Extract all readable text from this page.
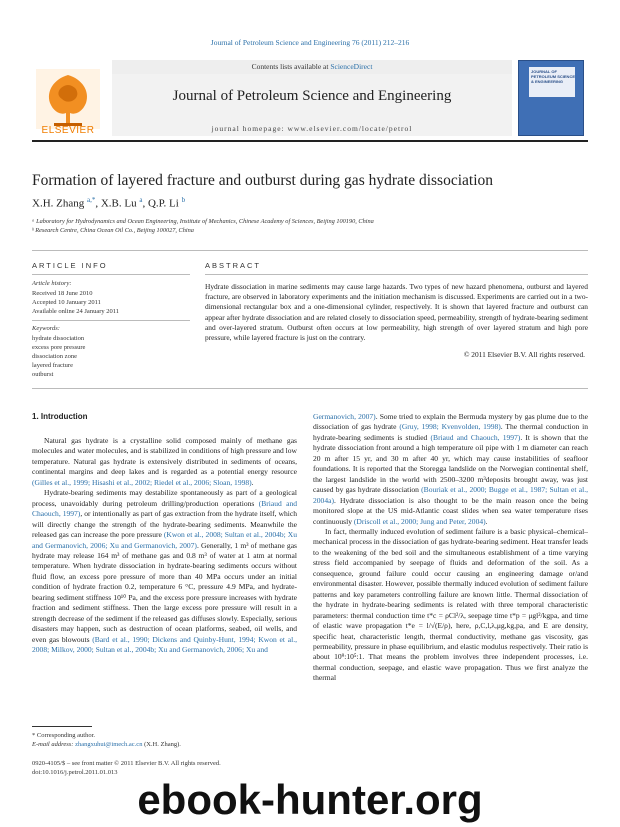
Journal of Petroleum Science and Engineering 76 (2011) 212–216
Contents lists available at ScienceDirect
ELSEVIER
Journal of Petroleum Science and Engineering
journal homepage: www.elsevier.com/locate/petrol
JOURNAL OF PETROLEUM SCIENCE & ENGINEERING
Formation of layered fracture and outburst during gas hydrate dissociation
X.H. Zhang $^{a,*}$, X.B. Lu $^a$, Q.P. Li $^b$
ᵃ Laboratory for Hydrodynamics and Ocean Engineering, Institute of Mechanics, Chinese Academy of Sciences, Beijing 100190, China
ᵇ Research Centre, China Ocean Oil Co., Beijing 100027, China
ARTICLE INFO
Article history:
Received 18 June 2010
Accepted 10 January 2011
Available online 24 January 2011
Keywords:
hydrate dissociation
excess pore pressure
dissociation zone
layered fracture
outburst
ABSTRACT
Hydrate dissociation in marine sediments may cause large hazards. Two types of new hazard phenomena, outburst and layered fracture, are observed in laboratory experiments and the initiation mechanism is discussed. Experiments are carried out in a two-dimensional rectangular box and a one-dimensional cylinder, respectively. It is shown that layered fracture and outburst can appear after hydrate dissociation and are related closely to dissociation speed, permeability, strength of hydrate-bearing sediment and over-layered stratum. Outburst often occurs at low permeability, high strength of over layered stratum and high pore pressure, while layered fracture is just on the contrary.
© 2011 Elsevier B.V. All rights reserved.
1. Introduction

Natural gas hydrate is a crystalline solid composed mainly of methane gas molecules and water molecules, and is stabilized in conditions of high pressure and low temperature. Natural gas hydrate is extensively distributed in sediments of oceans, continental margins and deep lakes and is regarded as a potential energy resource (Gilles et al., 1999; Hisashi et al., 2002; Riedel et al., 2006; Sloan, 1998).

Hydrate-bearing sediments may destabilize spontaneously as part of a geological process, unavoidably during petroleum drilling/production operations (Briaud and Chaouch, 1997), or intentionally as part of gas extraction from the hydrate itself, which will directly change the strength of the hydrate-bearing sediments. Meanwhile the released gas can increase the pore pressure (Kwon et al., 2008; Sultan et al., 2004b; Xu and Germanovich, 2006; Xu and Germanovich, 2007). Generally, 1 m³ of methane gas hydrate may release 164 m³ of methane gas and 0.8 m³ of water at 1 atm at normal temperature. When hydrate dissociation in hydrate-bearing sediments occurs without fluid flow, an excess pore pressure of more than 40 MPa occurs under an initial condition of hydrate fraction 0.2, temperature 6 °C, pressure 4.9 MPa, and hydrate-bearing sediment stiffness 10¹⁰ Pa, and the excess pore pressure increases with hydrate fraction and sediment stiffness. Then the large excess pore pressure will result in a strength decrease of the sediment if the released gas diffuses slowly. Especially, serious disasters may happen, such as destruction of ocean platforms, seabed, oil wells, and even gas blowouts (Bard et al., 1990; Dickens and Quinby-Hunt, 1994; Kwon et al., 2008; Milkov, 2000; Sultan et al., 2004b; Xu and Germanovich, 2006; Xu and

Germanovich, 2007). Some tried to explain the Bermuda mystery by gas plume due to the dissociation of gas hydrate (Gruy, 1998; Kvenvolden, 1998). The thermal conduction in hydrate-bearing sediments is studied (Briaud and Chaouch, 1997). It is shown that the hydrate dissociation front around a high temperature oil pipe with 1 m diameter can reach 20 m after 15 yr, and 30 m after 40 yr, which may cause instabilities of seafloor foundations. It is reported that the Storegga landslide on the Norwegian continental shelf, the largest landslide in the world with 2500–3200 m³deposits brought away, was just caused by gas hydrate dissociation (Bouriak et al., 2000; Bugge et al., 1987; Sultan et al., 2004a). Hydrate dissociation is also thought to be the main reason once the being monitored slope at the US mid-Atlantic coast slides when sea water temperature rises continuously (Driscoll et al., 2000; Jung and Peter, 2004).

In fact, thermally induced evolution of sediment failure is a basic physical–chemical–mechanical process in the dissociation of gas hydrate-bearing sediment. Heat transfer leads to the weakening of the bed soil and the simultaneous establishment of a time varying stress field accompanied by seepage of fluids and deformation of the soil. As a consequence, ground failure could occur causing an engineering damage or/and environmental disaster. However, possible thermally induced evolution of sediment failure patterns and key parameters controlling failure are known little. Thermal dissociation of the hydrate in hydrate-bearing sediments is related with three temporal characteristic parameters: thermal conduction time t*c = ρCl²/λ, seepage time t*p = μgl²/kgpa, and time of elastic wave propagation t*e = l/√(E/ρ), here, ρ,C,l,λ,μg,kg,pa, and E are density, specific heat, characteristic length, thermal conductivity, methane gas viscosity, gas permeability, pressure in phase equilibrium, and elastic modulus respectively. Their ratio is about 10⁹:10⁵:1. That means the problem involves three independent processes, i.e. thermal conduction, seepage, and elastic wave propagation. Thus we first analyze the thermal

* Corresponding author.
E-mail address: zhangxuhui@imech.ac.cn (X.H. Zhang).
0920-4105/$ – see front matter © 2011 Elsevier B.V. All rights reserved.
doi:10.1016/j.petrol.2011.01.013
ebook-hunter.org
